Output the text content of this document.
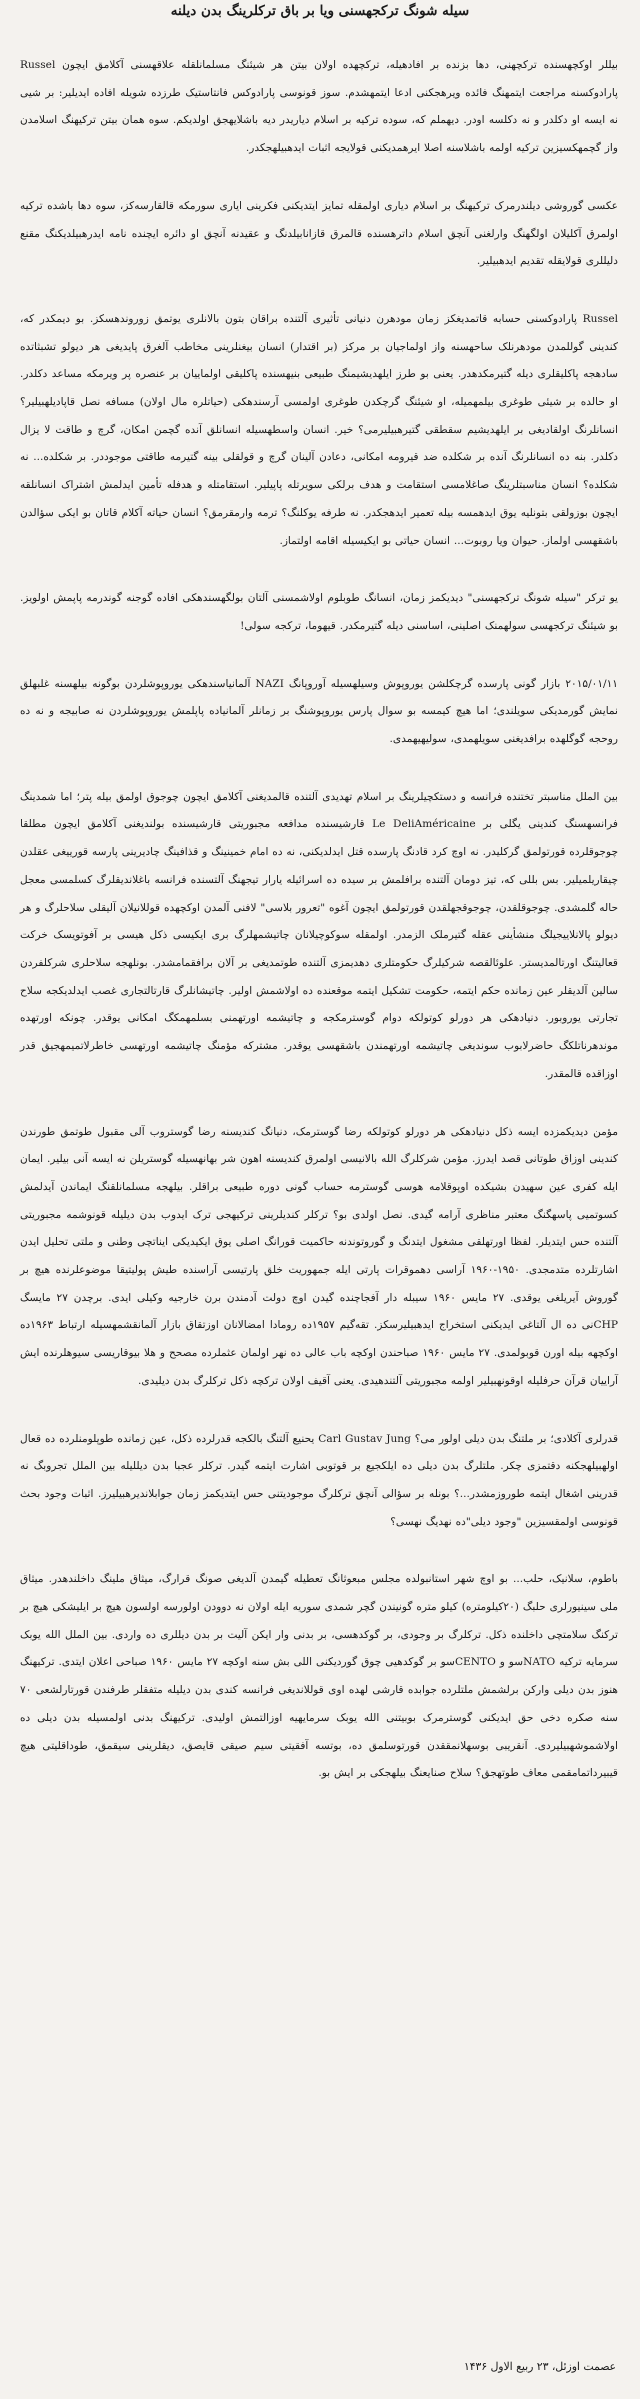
سیله شونگ ترکجهسنی ویا بر باق ترکلرینگ بدن دیلنه

بیللر اوکچهسنده ترکچهنی، دها بزنده بر افادهیله، ترکچهده اولان بیتن هر شیئنگ مسلمانلقله علاقهسنی آکلامق ایچون Russel پارادوکسنه مراجعت ایتمهنگ فائده ویرهجکنی ادعا ایتمهشدم. سوز قونوسی پارادوکس فانتاستیک طرزده شویله افاده ایدیلیر: بر شیی نه ایسه او دکلدر و نه دکلسه اودر. دیهملم که، سوده ترکیه بر اسلام دیاریدر دیه باشلایهجق اولدیکم. سوه همان بیتن ترکیهنگ اسلامدن واز گچمهکسیزین ترکیه اولمه باشلاسنه اصلا ایرهمدیکنی قولایجه اثبات ایدهبیلهجکدر.

عکسی گوروشی دیلندرمرک ترکیهنگ بر اسلام دیاری اولمقله تمایز ایتدیکنی فکرینی ایاری سورمکه قالقارسه‌کز، سوه دها باشده ترکیه اولمرق آکلیلان اولگهنگ وارلغنی آنچق اسلام داترهسنده قالمرق قازانابیلدنگ و عقیدنه آنچق او دائره ایچنده نامه ایدرهبیلدیکنگ مقنع دلیللری قولایقله تقدیم ایدهبیلیر.

Russel پارادوکسنی حسابه قاتمدیغکز زمان مودهرن دنیانی تأثیری آلتنده براقان بتون بالانلری یوتمق زوروندهسکز. بو دیمکدر که، کندینی گوللمدن مودهرنلک ساحهسنه واز اولماجیان بر مرکز (بر اقتدار) انسان بیغنلرینی مخاطب آلغرق پایدیغی هر دیولو تشبثاتده سادهجه پاکلیقلری دیله گتیرمکدهدر. یعنی بو طرز ایلهدیشیمنگ طبیعی بنیهسنده پاکلیقی اولماییان بر عنصره پر ویرمکه مساعد دکلدر. او حالده بر شیئی طوغری بیلمهمیله، او شیئنگ گرچکدن طوغری اولمسی آرسندهکی (حیاتلره مال اولان) مسافه نصل قاپادیلهبیلیر؟ انسانلرنگ اولقادیغی بر ایلهدیشیم سقطقی گتیرهبیلیرمی؟ خیر. انسان واسطهسیله انسانلق آنده گچمن امکان، گرچ و طاقت لا یزال دکلدر. بنه ده انسانلرنگ آنده بر شکلده ضد قیرومه امکانی، دعادن آلینان گرچ و قولقلی بینه گتیرمه طاقتی موجوددر. بر شکلده... نه شکلده؟ انسان مناسبتلرینگ صاغلامسی استقامت و هدف برلکی سویرتله پاپیلیر. استقامتله و هدفله تأمین ایدلمش اشتراک انسانلقه ایچون بوزولقی بتونلیه یوق ایدهمسه بیله تعمیر ایدهجکدر. نه طرفه یوکلنگ؟ ترمه وارمقرمق؟ انسان حیاته آکلام قاتان بو ایکی سؤالدن باشقهسی اولماز. حیوان ویا روبوت... انسان حیاتی بو ایکیسیله اقامه اولتماز.

یو ترکر "سیله شونگ ترکجهسنی" دیدیکمز زمان، انسانگ طوبلوم اولاشمسنی آلتان بولگهسندهکی افاده گوجنه گوندرمه پاپمش اولویز. بو شیئنگ ترکجهسی سولهمنک اصلینی، اساسنی دیله گتیرمکدر. قیهوما، ترکجه سولی!

۲۰۱۵/۰۱/۱۱ بازار گونی پارسده گرچکلشن یوروپوش وسیلهسیله آوروپانگ NAZI آلمانیاسندهکی یوروپوشلردن بوگونه بیلهسنه غلبهلق نمایش گورمدیکی سویلندی؛ اما هیچ کیمسه بو سوال پارس یوروپوشنگ بر زمانلر آلمانیاده پاپلمش یوروپوشلردن نه صابیجه و نه ده روحجه گوگلهده برافدیغنی سویلهمدی، سولیهیهمدی.

بین الملل مناسبتر تختنده فرانسه و دستکچیلرینگ بر اسلام تهدیدی آلتنده قالمدیغنی آکلامق ایچون چوجوق اولمق بیله پتر؛ اما شمدینگ فرانسهسنگ کندینی یگلی بر Le DeliAméricaine قارشیسنده مدافعه مجبوریتی قارشیسنده بولندیغنی آکلامق ایچون مطلقا چوجوقلرده قورتولمق گرکلیدر. نه اوچ کرد قادنگ پارسده قتل ایدلدیکنی، نه ده امام خمینینگ و قذافینگ چادیرینی پارسه قورییغی عقلدن چیقاریلمیلیر. بس بللی که، تیز دومان آلتنده برافلمش بر سیده ده اسرائیله یارار تیجهنگ آلتسنده فرانسه باغلاندیقلرگ کسلمسی معجل حاله گلمشدی. چوجوقلقدن، چوجوقجهلقدن قورتولمق ایچون آغوه "تعرور بلاسی" لافنی آلمدن اوکچهده قوللانیلان آلیقلی سلاحلرگ و هر دیولو پالانلاییجیلگ منشأینی عقله گتیرملک الزمدر. اولمقله سوکوچیلانان چاتیشمهلرگ بری ایکیسی ذکل هیسی بر آفوتویسک خرکت قعالیتنگ اورتالمدیستر. علوئالقصه شرکیلرگ حکومتلری دهدیمزی آلتنده طوتمدیغی بر آلان برافقمامشدر. بونلهجه سلاحلری شرکلفردن سالین آلدیقلر عین زمانده حکم ایتمه، حکومت تشکیل ایتمه موقعنده ده اولاشمش اولیر. چاتیشانلرگ قارتالتجاری غصب ایدلدیکجه سلاح تجارتی یوروبور. دنیادهکی هر دورلو کوتولکه دوام گوسترمکجه و چاتیشمه اورتهمنی بسلمهمکگ امکانی یوقدر. چونکه اورتهده موندهرناتلکگ حاضرلابوب سوندیغی چاتیشمه اورتهمندن باشقهسی یوقدر. مشترکه مؤمنگ چاتیشمه اورتهسی خاطرلاتمیمهجیق قدر اوزاقده قالمقدر.

مؤمن دیدیکمزده ایسه ذکل دنیادهکی هر دورلو کوتولکه رضا گوسترمک، دنیانگ کندیسنه رضا گوستروب آلی مقبول طوتمق طورندن کندینی اوزاق طوتانی قصد ایدرز. مؤمن شرکلرگ الله بالانیسی اولمرق کندیسنه اهون شر بهانهسیله گوستریلن نه ایسه آنی بیلیر. ایمان ایله کفری عین سهیدن بشیکده اوپوقلامه هوسی گوسترمه حساب گونی دوره طبیعی براقلر. بیلهجه مسلمانلقنگ ایماندن آیدلمش کسوتمیی پاسهگنگ معتبر مناظری آرامه گیدی. نصل اولدی بو؟ ترکلر کندیلرینی ترکیهجی ترک ایدوب بدن دیلیله قونوشمه مجبوریتی آلتنده حس ایتدیلر. لفظا اورتهلقی مشغول ایتدنگ و گوروتوندنه حاکمیت قورانگ اصلی یوق ایکیدیکی ایناتچی وطنی و ملتی تحلیل ایدن اشارتلرده متدمجدی. ۱۹۵۰-۱۹۶۰ آراسی دهموقرات پارتی ایله جمهوریت خلق پارتیسی آراسنده طیش پولیتیقا موضوعلرنده هیچ بر گوروش آیریلغی یوقدی. ۲۷ مایس ۱۹۶۰ سیبله دار آفجاچنده گیدن اوچ دولت آدمندن برن خارجیه وکیلی ایدی. برچدن ۲۷ مایسگ CHPنی ده ال آلتاغی ایدیکنی استخراج ایدهبیلیرسکز. تقه‌گیم ۱۹۵۷ده رومادا امضالانان اوزتقاق بازار آلمانقشمهسیله ارتباط ۱۹۶۳ده اوکچهه بیله اورن قوبولمدی. ۲۷ مایس ۱۹۶۰ صباحندن اوکچه باب عالی ده نهر اولمان عثملرده مصحح و هلا بیوقاریسی سیوهلرنده ایش آراییان قرآن حرفلیله اوقونهبیلیر اولمه مجبوریتی آلتندهیدی. یعنی آقیف اولان ترکچه ذکل ترکلرگ بدن دیلیدی.

قدرلری آکلادی؛ بر ملتنگ بدن دیلی اولور می؟ Carl Gustav Jung یحنیع آلتنگ بالکجه قدرلرده ذکل، عین زمانده طوپلومنلرده ده قعال اولهبیلهجکنه دقتمزی چکر. ملتلرگ بدن دیلی ده ایلکجیع بر قوتوبی اشارت ایتمه گیدر. ترکلر عجبا بدن دیللیله بین الملل تجروبگ نه قدرینی اشغال ایتمه طوروزمشدر...؟ بونله بر سؤالی آنچق ترکلرگ موجودیتنی حس ایتدیکمز زمان جوابلاندیرهبیلیرز. اثبات وجود بحث قونوسی اولمقسیزین "وجود دیلی"ده نهدیگ نهسی؟

باطوم، سلانیک، حلب... بو اوچ شهر استانبولده مجلس مبعوثانگ تعطیله گیمدن آلدیغی صونگ قرارگ، میثاق ملینگ داخلندهدر. میثاق ملی سینیورلری حلبگ (۲۰کیلومتره) کیلو متره گونیندن گچر شمدی سوریه ایله اولان نه دوودن اولورسه اولسون هیچ بر ایلیشکی هیچ بر ترکنگ سلامتچی داخلنده ذکل. ترکلرگ بر وجودی، بر گوکدهسی، بر بدنی وار ایکن آلیت بر بدن دیللری ده واردی. بین الملل الله یوبک سرمایه ترکیه NATOسو و CENTOسو بر گوکدهیی چوق گوردیکنی اللی بش سنه اوکچه ۲۷ مایس ۱۹۶۰ صباحی اعلان ایتدی. ترکیهنگ هنوز بدن دیلی وارکن برلشمش ملتلرده جوابده قارشی لهده اوی قوللاندیغی فرانسه کندی بدن دیلیله متفقلر طرفندن قورتارلشعی ۷۰ سنه صکره دخی حق ایدیکنی گوسترمرک بوبیتنی الله یوبک سرمایهیه اوزالتمش اولیدی. ترکیهنگ بدنی اولمسیله بدن دیلی ده اولاشموشهبیلیردی. آنقریبی بوسهلانمققدن قورتوسلمق ده، بوتسه آفقیتی سیم صیقی قایصق، دیقلرینی سیقمق، طوداقلیتی هیچ قیبیرداتمامقمی معاف طوتهجق؟ سلاح صنایعنگ بیلهجکی بر ایش بو.

عصمت اوزئل، ۲۳ ربیع الاول ۱۴۳۶
